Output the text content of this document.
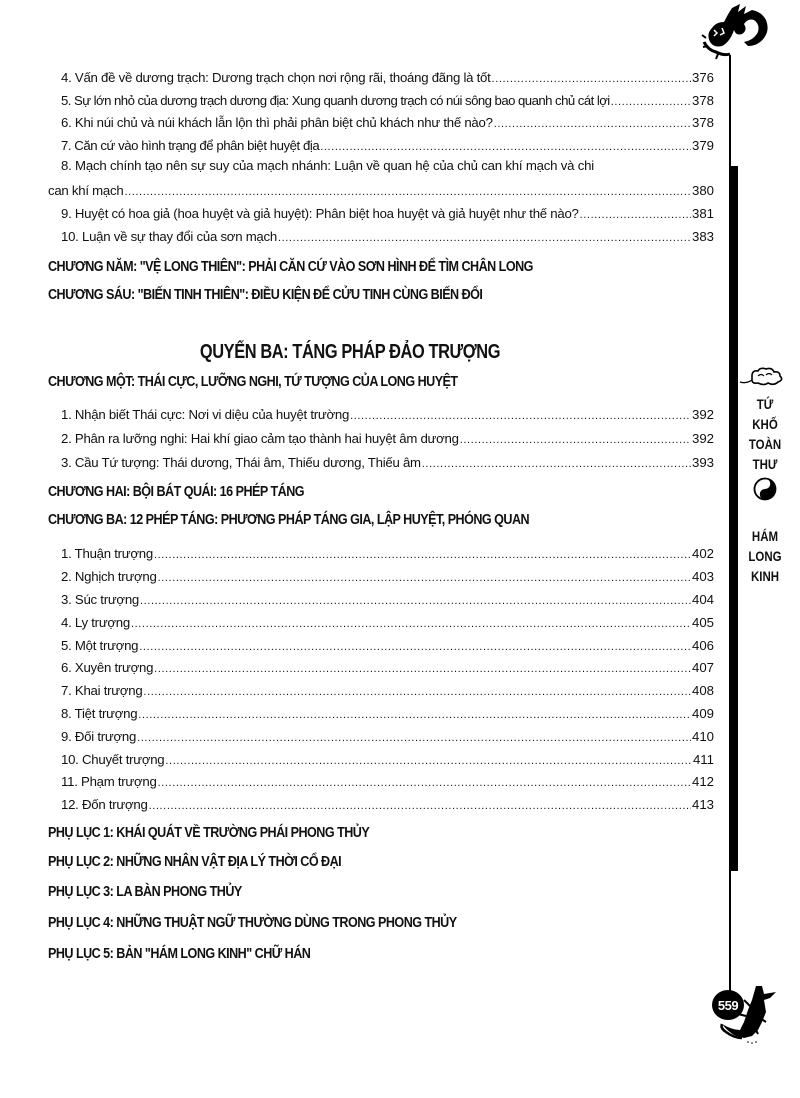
4. Vấn đề về dương trạch: Dương trạch chọn nơi rộng rãi, thoáng đãng là tốt .....	376
5. Sự lớn nhỏ của dương trạch dương địa: Xung quanh dương trạch có núi sông bao quanh chủ cát lợi .....	378
6. Khi núi chủ và núi khách lẫn lộn thì phải phân biệt chủ khách như thế nào? .....	378
7. Căn cứ vào hình trạng để phân biệt huyệt địa .....	379
8. Mạch chính tạo nên sự suy của mạch nhánh: Luận về quan hệ của chủ can khí mạch và chi
can khí mạch .....	380
9. Huyệt có hoa giả (hoa huyệt và giả huyệt): Phân biệt hoa huyệt và giả huyệt như thế nào? .....	381
10. Luận về sự thay đổi của sơn mạch .....	383
CHƯƠNG NĂM: "VỆ LONG THIÊN": PHẢI CĂN CỨ VÀO SƠN HÌNH ĐỂ TÌM CHÂN LONG
CHƯƠNG SÁU: "BIẾN TINH THIÊN": ĐIỀU KIỆN ĐỂ CỬU TINH CÙNG BIẾN ĐỔI
QUYỂN BA: TÁNG PHÁP ĐẢO TRƯỢNG
CHƯƠNG MỘT: THÁI CỰC, LƯỠNG NGHI, TỨ TƯỢNG CỦA LONG HUYỆT
1. Nhận biết Thái cực: Nơi vi diệu của huyệt trường .....	392
2. Phân ra lưỡng nghi: Hai khí giao cảm tạo thành hai huyệt âm dương .....	392
3. Cầu Tứ tượng: Thái dương, Thái âm, Thiếu dương, Thiếu âm .....	393
CHƯƠNG HAI: BỘI BÁT QUÁI: 16 PHÉP TÁNG
CHƯƠNG BA: 12 PHÉP TÁNG: PHƯƠNG PHÁP TÁNG GIA, LẬP HUYỆT, PHÓNG QUAN
1. Thuận trượng .....	402
2. Nghịch trượng .....	403
3. Súc trượng .....	404
4. Ly trượng .....	405
5. Một trượng .....	406
6. Xuyên trượng .....	407
7. Khai trượng .....	408
8. Tiệt trượng .....	409
9. Đối trượng .....	410
10. Chuyết trượng .....	411
11. Phạm trượng .....	412
12. Đốn trượng .....	413
PHỤ LỤC 1: KHÁI QUÁT VỀ TRƯỜNG PHÁI PHONG THỦY
PHỤ LỤC 2: NHỮNG NHÂN VẬT ĐỊA LÝ THỜI CỔ ĐẠI
PHỤ LỤC 3: LA BÀN PHONG THỦY
PHỤ LỤC 4: NHỮNG THUẬT NGỮ THƯỜNG DÙNG TRONG PHONG THỦY
PHỤ LỤC 5: BẢN "HÁM LONG KINH" CHỮ HÁN
TỨ
KHỐ
TOÀN
THƯ
HÁM
LONG
KINH
559
